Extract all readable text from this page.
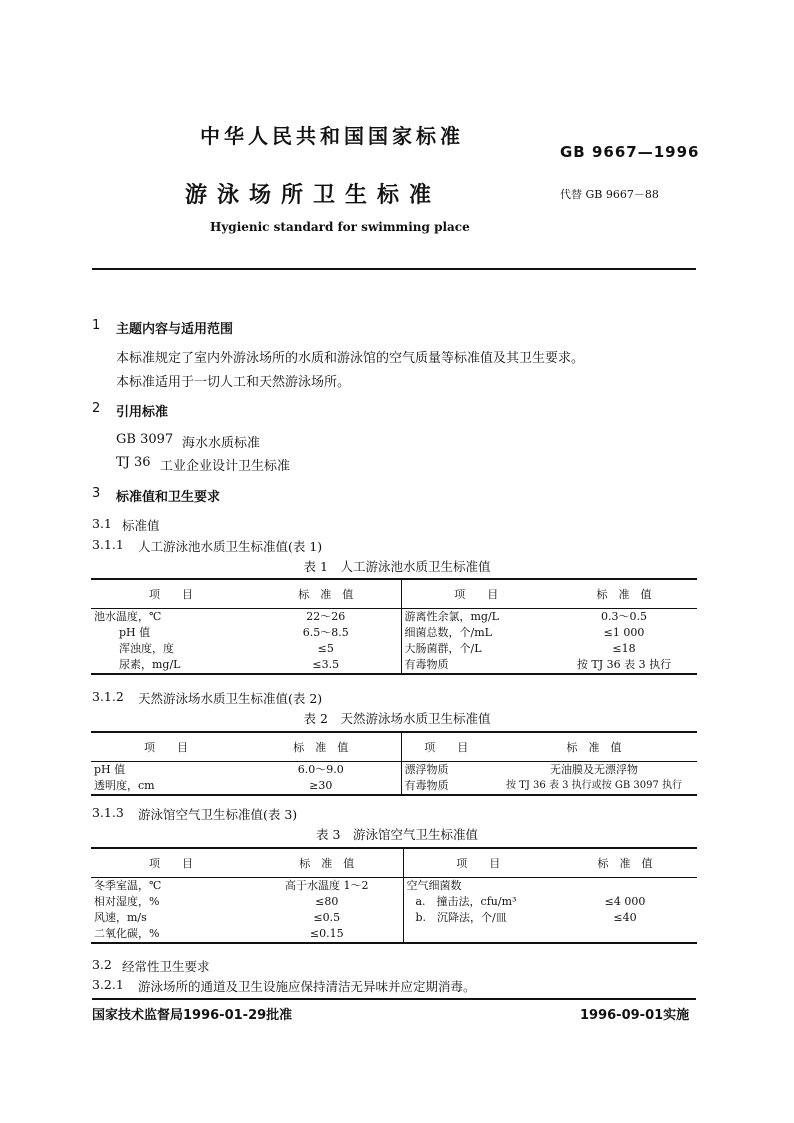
中华人民共和国国家标准
GB 9667—1996
游泳场所卫生标准	代替 GB 9667－88
Hygienic standard for swimming place
1 主题内容与适用范围
本标准规定了室内外游泳场所的水质和游泳馆的空气质量等标准值及其卫生要求。
本标准适用于一切人工和天然游泳场所。
2 引用标准
GB 3097 海水水质标准
TJ 36 工业企业设计卫生标准
3 标准值和卫生要求
3.1 标准值
3.1.1 人工游泳池水质卫生标准值(表 1)
表 1　人工游泳池水质卫生标准值
项　　目	标　准　值	项　　目	标　准　值
池水温度，℃	22～26	游离性余氯，mg/L	0.3～0.5
pH 值	6.5～8.5	细菌总数，个/mL	≤1 000
浑浊度，度	≤5	大肠菌群，个/L	≤18
尿素，mg/L	≤3.5	有毒物质	按 TJ 36 表 3 执行
3.1.2 天然游泳场水质卫生标准值(表 2)
表 2　天然游泳场水质卫生标准值
项　　目	标　准　值	项　　目	标　准　值
pH 值	6.0～9.0	漂浮物质	无油膜及无漂浮物
透明度，cm	≥30	有毒物质	按 TJ 36 表 3 执行或按 GB 3097 执行
3.1.3 游泳馆空气卫生标准值(表 3)
表 3　游泳馆空气卫生标准值
项　　目	标　准　值	项　　目	标　准　值
冬季室温，℃	高于水温度 1～2	空气细菌数	
相对湿度，%	≤80	a.　撞击法，cfu/m³	≤4 000
风速，m/s	≤0.5	b.　沉降法，个/皿	≤40
二氧化碳，%	≤0.15		
3.2 经常性卫生要求
3.2.1 游泳场所的通道及卫生设施应保持清洁无异味并应定期消毒。
国家技术监督局1996-01-29批准	1996-09-01实施
